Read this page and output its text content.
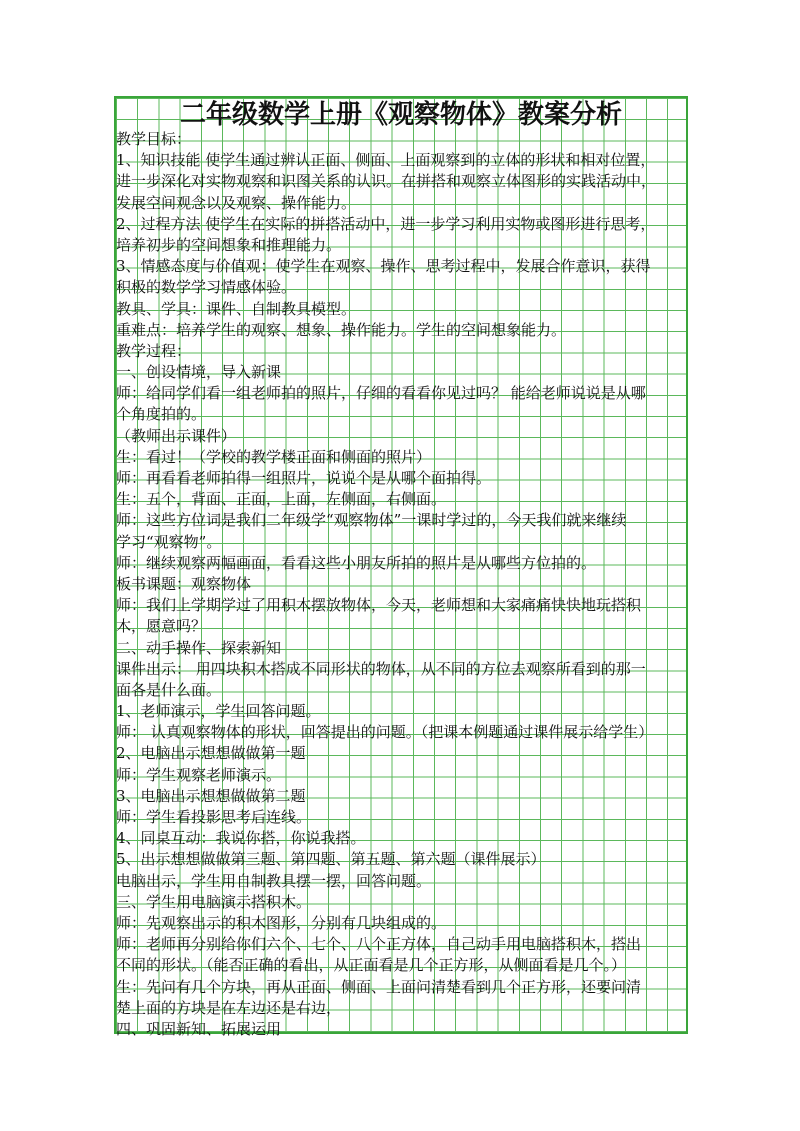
二年级数学上册《观察物体》教案分析
教学目标：
1、知识技能 使学生通过辨认正面、侧面、上面观察到的立体的形状和相对位置，
进一步深化对实物观察和识图关系的认识。在拼搭和观察立体图形的实践活动中，
发展空间观念以及观察、操作能力。
2、过程方法 使学生在实际的拼搭活动中，进一步学习利用实物或图形进行思考，
培养初步的空间想象和推理能力。
3、情感态度与价值观：使学生在观察、操作、思考过程中，发展合作意识，获得
积极的数学学习情感体验。
教具、学具：课件、自制教具模型。
重难点：培养学生的观察、想象、操作能力。学生的空间想象能力。
教学过程：
一、创设情境，导入新课
师：给同学们看一组老师拍的照片，仔细的看看你见过吗？ 能给老师说说是从哪
个角度拍的。
（教师出示课件）
生：看过！（学校的教学楼正面和侧面的照片）
师：再看看老师拍得一组照片，说说个是从哪个面拍得。
生：五个，背面、正面，上面，左侧面，右侧面。
师：这些方位词是我们二年级学“观察物体”一课时学过的，今天我们就来继续
学习“观察物”。
师：继续观察两幅画面，看看这些小朋友所拍的照片是从哪些方位拍的。
板书课题：观察物体
师：我们上学期学过了用积木摆放物体，今天，老师想和大家痛痛快快地玩搭积
木，愿意吗？
二、动手操作、探索新知
课件出示： 用四块积木搭成不同形状的物体，从不同的方位去观察所看到的那一
面各是什么面。
1、老师演示，学生回答问题。
师： 认真观察物体的形状，回答提出的问题。（把课本例题通过课件展示给学生）
2、电脑出示想想做做第一题
师：学生观察老师演示。
3、电脑出示想想做做第二题
师：学生看投影思考后连线。
4、同桌互动：我说你搭，你说我搭。
5、出示想想做做第三题、第四题、第五题、第六题（课件展示）
电脑出示，学生用自制教具摆一摆，回答问题。
三、学生用电脑演示搭积木。
师：先观察出示的积木图形，分别有几块组成的。
师：老师再分别给你们六个、七个、八个正方体，自己动手用电脑搭积木，搭出
不同的形状。（能否正确的看出，从正面看是几个正方形，从侧面看是几个。）
生：先问有几个方块，再从正面、侧面、上面问清楚看到几个正方形，还要问清
楚上面的方块是在左边还是右边，
四、巩固新知、拓展运用
